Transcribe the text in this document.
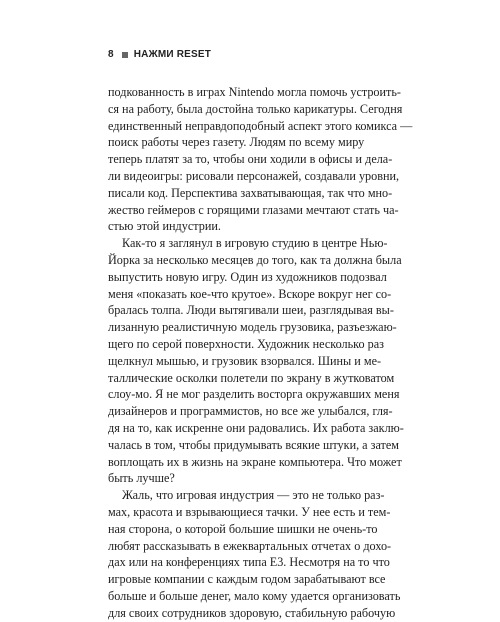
8 НАЖМИ RESET
подкованность в играх Nintendo могла помочь устроить-
ся на работу, была достойна только карикатуры. Сегодня
единственный неправдоподобный аспект этого комикса —
поиск работы через газету. Людям по всему миру
теперь платят за то, чтобы они ходили в офисы и дела-
ли видеоигры: рисовали персонажей, создавали уровни,
писали код. Перспектива захватывающая, так что мно-
жество геймеров с горящими глазами мечтают стать ча-
стью этой индустрии.
Как-то я заглянул в игровую студию в центре Нью-
Йорка за несколько месяцев до того, как та должна была
выпустить новую игру. Один из художников подозвал
меня «показать кое-что крутое». Вскоре вокруг нег со-
бралась толпа. Люди вытягивали шеи, разглядывая вы-
лизанную реалистичную модель грузовика, разъезжаю-
щего по серой поверхности. Художник несколько раз
щелкнул мышью, и грузовик взорвался. Шины и ме-
таллические осколки полетели по экрану в жутковатом
слоу-мо. Я не мог разделить восторга окружавших меня
дизайнеров и программистов, но все же улыбался, гля-
дя на то, как искренне они радовались. Их работа заклю-
чалась в том, чтобы придумывать всякие штуки, а затем
воплощать их в жизнь на экране компьютера. Что может
быть лучше?
Жаль, что игровая индустрия — это не только раз-
мах, красота и взрывающиеся тачки. У нее есть и тем-
ная сторона, о которой большие шишки не очень-то
любят рассказывать в ежеквартальных отчетах о дохо-
дах или на конференциях типа E3. Несмотря на то что
игровые компании с каждым годом зарабатывают все
больше и больше денег, мало кому удается организовать
для своих сотрудников здоровую, стабильную рабочую
